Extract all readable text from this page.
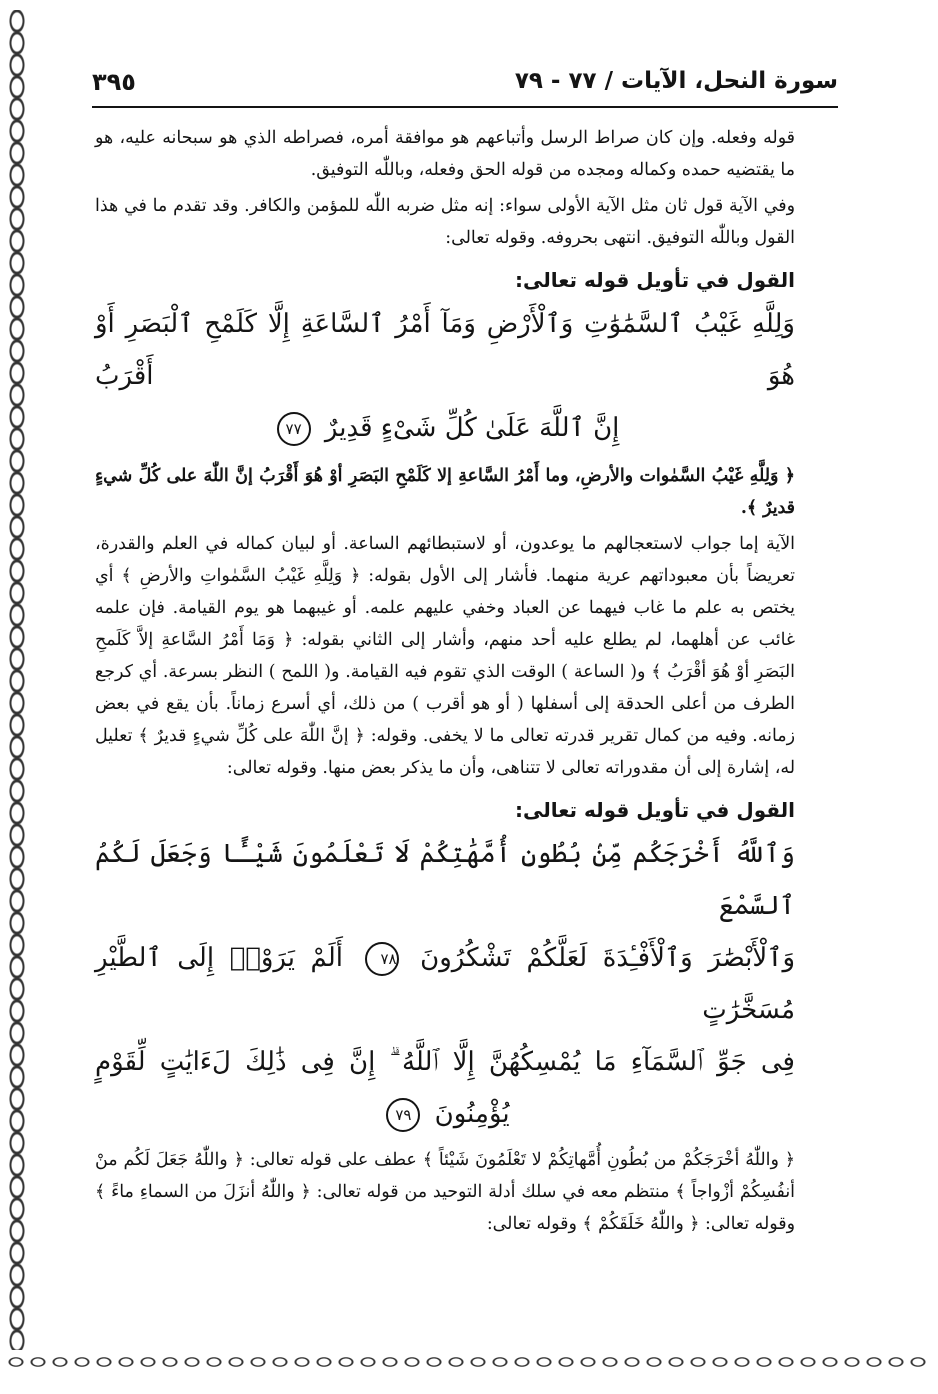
سورة النحل، الآيات / ٧٧ - ٧٩
٣٩٥

قوله وفعله. وإن كان صراط الرسل وأتباعهم هو موافقة أمره، فصراطه الذي هو سبحانه عليه، هو ما يقتضيه حمده وكماله ومجده من قوله الحق وفعله، وباللّٰه التوفيق.

وفي الآية قول ثان مثل الآية الأولى سواء: إنه مثل ضربه اللّٰه للمؤمن والكافر. وقد تقدم ما في هذا القول وباللّٰه التوفيق. انتهى بحروفه. وقوله تعالى:

القول في تأويل قوله تعالى:
وَلِلَّهِ غَيْبُ ٱلسَّمَٰوَٰتِ وَٱلْأَرْضِ وَمَآ أَمْرُ ٱلسَّاعَةِ إِلَّا كَلَمْحِ ٱلْبَصَرِ أَوْ هُوَ أَقْرَبُ
إِنَّ ٱللَّهَ عَلَىٰ كُلِّ شَىْءٍ قَدِيرٌ ٧٧

﴿ وَلِلَّهِ غَيْبُ السَّمٰوات والأرضِ، وما أَمْرُ السَّاعةِ إلا كَلَمْحِ البَصَرِ أوْ هُوَ أَقْرَبُ إنَّ اللّٰهَ على كُلِّ شيءٍ قديرٌ ﴾.

الآية إما جواب لاستعجالهم ما يوعدون، أو لاستبطائهم الساعة. أو لبيان كماله في العلم والقدرة، تعريضاً بأن معبوداتهم عرية منهما. فأشار إلى الأول بقوله: ﴿ وَلِلَّهِ غَيْبُ السَّمٰواتِ والأرضِ ﴾ أي يختص به علم ما غاب فيهما عن العباد وخفي عليهم علمه. أو غيبهما هو يوم القيامة. فإن علمه غائب عن أهلهما، لم يطلع عليه أحد منهم، وأشار إلى الثاني بقوله: ﴿ وَمَا أَمْرُ السَّاعةِ إلاَّ كَلَمحِ البَصَرِ أوْ هُوَ أقْرَبُ ﴾ و( الساعة ) الوقت الذي تقوم فيه القيامة. و( اللمح ) النظر بسرعة. أي كرجع الطرف من أعلى الحدقة إلى أسفلها ( أو هو أقرب ) من ذلك، أي أسرع زماناً. بأن يقع في بعض زمانه. وفيه من كمال تقرير قدرته تعالى ما لا يخفى. وقوله: ﴿ إنَّ اللّٰهَ على كُلِّ شيءٍ قديرٌ ﴾ تعليل له، إشارة إلى أن مقدوراته تعالى لا تتناهى، وأن ما يذكر بعض منها. وقوله تعالى:

القول في تأويل قوله تعالى:
وَٱللَّهُ أَخْرَجَكُم مِّنۢ بُطُونِ أُمَّهَٰتِكُمْ لَا تَعْلَمُونَ شَيْـًٔا وَجَعَلَ لَكُمُ ٱلسَّمْعَ
وَٱلْأَبْصَٰرَ وَٱلْأَفْـِٔدَةَ لَعَلَّكُمْ تَشْكُرُونَ ٧٨ أَلَمْ يَرَوْا۟ إِلَى ٱلطَّيْرِ مُسَخَّرَٰتٍ
فِى جَوِّ ٱلسَّمَآءِ مَا يُمْسِكُهُنَّ إِلَّا ٱللَّهُ ۗ إِنَّ فِى ذَٰلِكَ لَءَايَٰتٍ لِّقَوْمٍ يُؤْمِنُونَ ٧٩

﴿ واللّٰهُ أخْرَجَكُمْ من بُطُونِ أُمَّهاتِكُمْ لا تَعْلَمُونَ شَيْئاً ﴾ عطف على قوله تعالى: ﴿ واللّٰهُ جَعَلَ لَكُم منْ أنفُسِكُمْ أزْواجاً ﴾ منتظم معه في سلك أدلة التوحيد من قوله تعالى: ﴿ واللّٰهُ أنزَلَ من السماءِ ماءً ﴾ وقوله تعالى: ﴿ واللّٰهُ خَلَقَكُمْ ﴾ وقوله تعالى:
